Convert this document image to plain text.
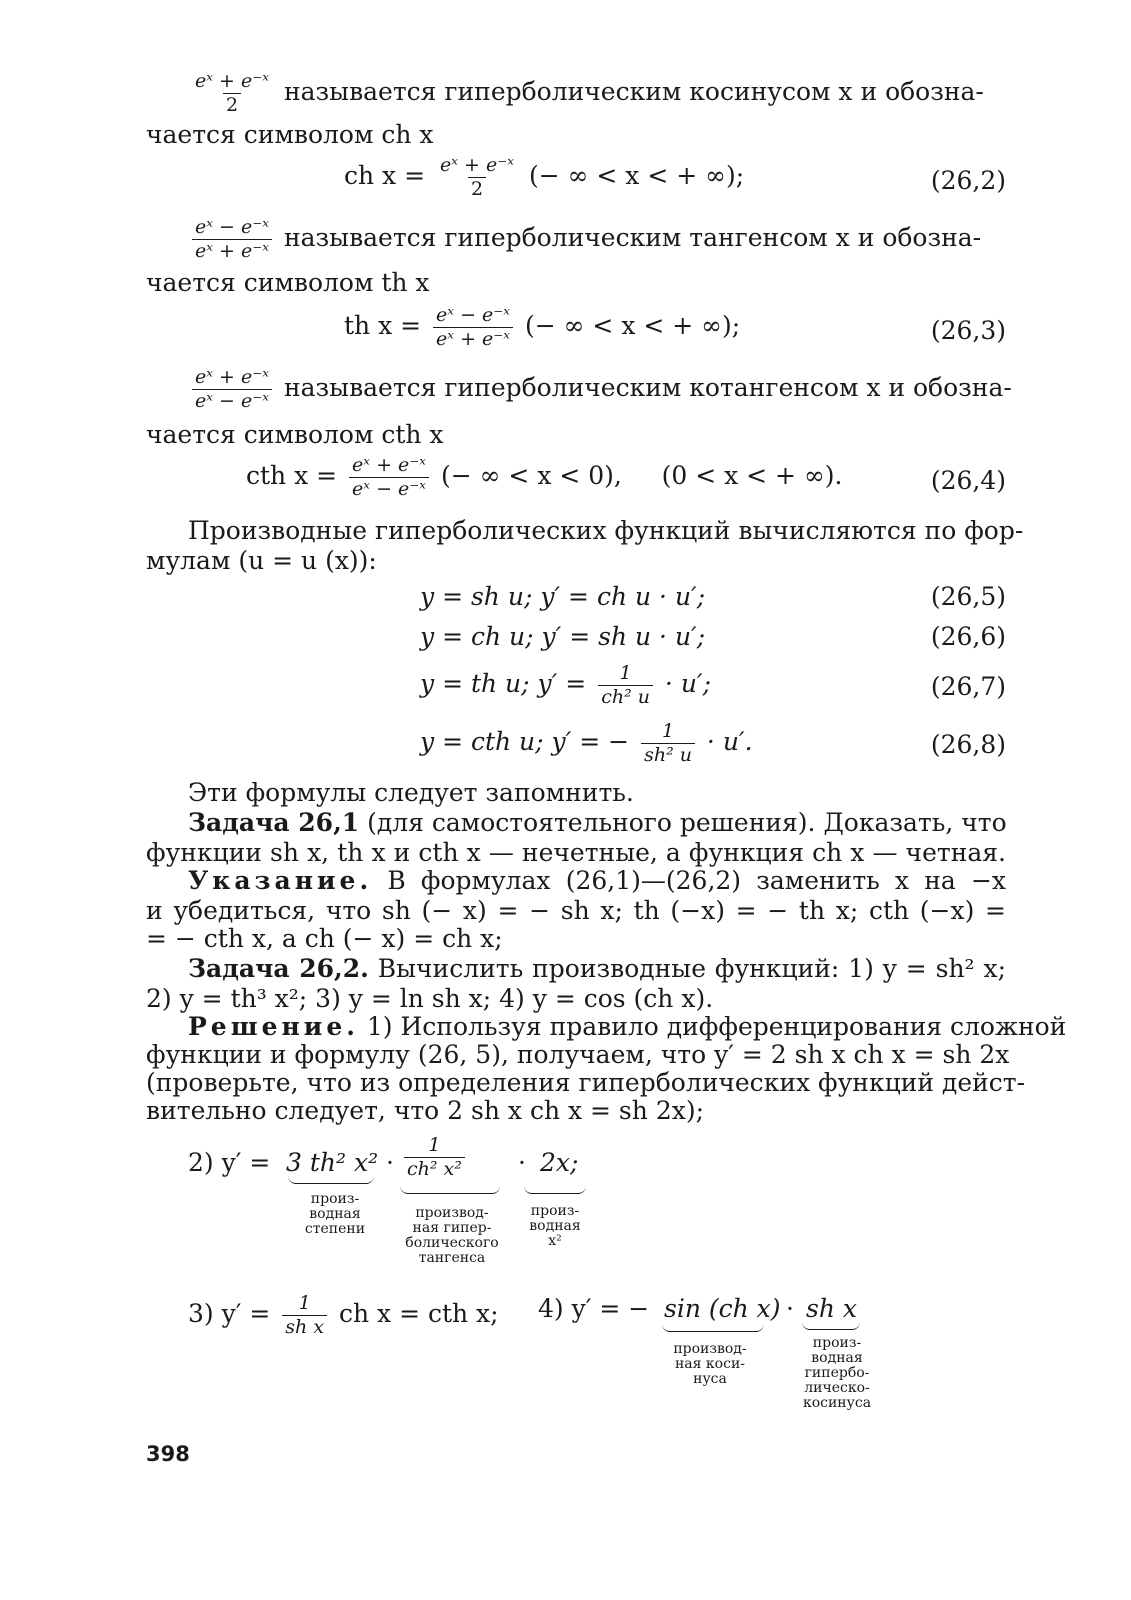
$\frac{\text{eˣ + e⁻ˣ}}{2}$ называется гиперболическим косинусом x и обозна-
чается символом ch x
ch $x = \frac{\text{eˣ + e⁻ˣ}}{2}$ (− ∞ < x < + ∞);	(26,2)
$\frac{\text{eˣ − e⁻ˣ}}{\text{eˣ + e⁻ˣ}}$ называется гиперболическим тангенсом x и обозна-
чается символом th x
th $x = \frac{\text{eˣ − e⁻ˣ}}{\text{eˣ + e⁻ˣ}}$ (− ∞ < x < + ∞);	(26,3)
$\frac{\text{eˣ + e⁻ˣ}}{\text{eˣ − e⁻ˣ}}$ называется гиперболическим котангенсом x и обозна-
чается символом cth x
cth $x = \frac{\text{eˣ + e⁻ˣ}}{\text{eˣ − e⁻ˣ}}$ (− ∞ < x < 0),     (0 < x < + ∞).	(26,4)
Производные гиперболических функций вычисляются по фор-
мулам (u = u (x)):
y = sh u; y′ = ch u · u′;	(26,5)
y = ch u; y′ = sh u · u′;	(26,6)
y = th u; $y' = \frac{1}{\text{ch² u}} \cdot u'$;	(26,7)
y = cth u; y′ = − $\frac{1}{\text{sh² u}} \cdot u'$.	(26,8)
Эти формулы следует запомнить.
Задача 26,1 (для самостоятельного решения). Доказать, что
функции sh x, th x и cth x — нечетные, а функция ch x — четная.
Указание. В формулах (26,1)—(26,2) заменить x на −x
и убедиться, что sh (− x) = − sh x; th (−x) = − th x; cth (−x) =
= − cth x, а ch (− x) = ch x;
Задача 26,2. Вычислить производные функций: 1) y = sh² x;
2) y = th³ x²; 3) y = ln sh x; 4) y = cos (ch x).
Решение. 1) Используя правило дифференцирования сложной
функции и формулу (26, 5), получаем, что y′ = 2 sh x ch x = sh 2x
(проверьте, что из определения гиперболических функций дейст-
вительно следует, что 2 sh x ch x = sh 2x);
2) y′ = 3 th² $x^2 \cdot \frac{1}{\text{ch² x²}} \cdot 2x$;
произ-
водная
степени
производ-
ная гипер-
болического
тангенса
произ-
водная
x²
3) $y' = \frac{1}{\text{sh x}}$ ch x = cth x; 4) y′ = − sin (ch x) · sh x
производ-
ная коси-
нуса
произ-
водная
гипербо-
лическо-
косинуса
398
